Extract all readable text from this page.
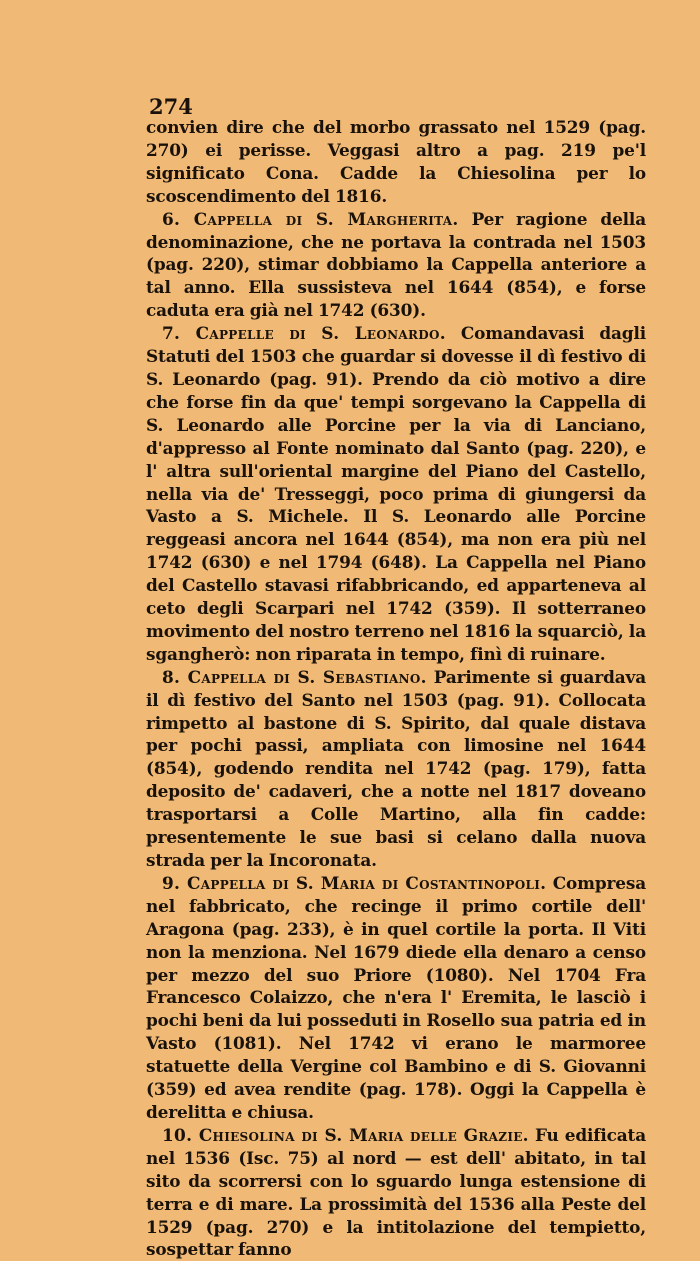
274

convien dire che del morbo grassato nel 1529 (pag. 270) ei perisse. Veggasi altro a pag. 219 pe'l significato Cona. Cadde la Chiesolina per lo scoscendimento del 1816.

6. Cappella di S. Margherita. Per ragione della denominazione, che ne portava la contrada nel 1503 (pag. 220), stimar dobbiamo la Cappella anteriore a tal anno. Ella sussisteva nel 1644 (854), e forse caduta era già nel 1742 (630).

7. Cappelle di S. Leonardo. Comandavasi dagli Statuti del 1503 che guardar si dovesse il dì festivo di S. Leonardo (pag. 91). Prendo da ciò motivo a dire che forse fin da que' tempi sorgevano la Cappella di S. Leonardo alle Porcine per la via di Lanciano, d'appresso al Fonte nominato dal Santo (pag. 220), e l' altra sull'oriental margine del Piano del Castello, nella via de' Tresseggi, poco prima di giungersi da Vasto a S. Michele. Il S. Leonardo alle Porcine reggeasi ancora nel 1644 (854), ma non era più nel 1742 (630) e nel 1794 (648). La Cappella nel Piano del Castello stavasi rifabbricando, ed apparteneva al ceto degli Scarpari nel 1742 (359). Il sotterraneo movimento del nostro terreno nel 1816 la squarciò, la sgangherò: non riparata in tempo, finì di ruinare.

8. Cappella di S. Sebastiano. Parimente si guardava il dì festivo del Santo nel 1503 (pag. 91). Collocata rimpetto al bastone di S. Spirito, dal quale distava per pochi passi, ampliata con limosine nel 1644 (854), godendo rendita nel 1742 (pag. 179), fatta deposito de' cadaveri, che a notte nel 1817 doveano trasportarsi a Colle Martino, alla fin cadde: presentemente le sue basi si celano dalla nuova strada per la Incoronata.

9. Cappella di S. Maria di Costantinopoli. Compresa nel fabbricato, che recinge il primo cortile dell' Aragona (pag. 233), è in quel cortile la porta. Il Viti non la menziona. Nel 1679 diede ella denaro a censo per mezzo del suo Priore (1080). Nel 1704 Fra Francesco Colaizzo, che n'era l' Eremita, le lasciò i pochi beni da lui posseduti in Rosello sua patria ed in Vasto (1081). Nel 1742 vi erano le marmoree statuette della Vergine col Bambino e di S. Giovanni (359) ed avea rendite (pag. 178). Oggi la Cappella è derelitta e chiusa.

10. Chiesolina di S. Maria delle Grazie. Fu edificata nel 1536 (Isc. 75) al nord — est dell' abitato, in tal sito da scorrersi con lo sguardo lunga estensione di terra e di mare. La prossimità del 1536 alla Peste del 1529 (pag. 270) e la intitolazione del tempietto, sospettar fanno
